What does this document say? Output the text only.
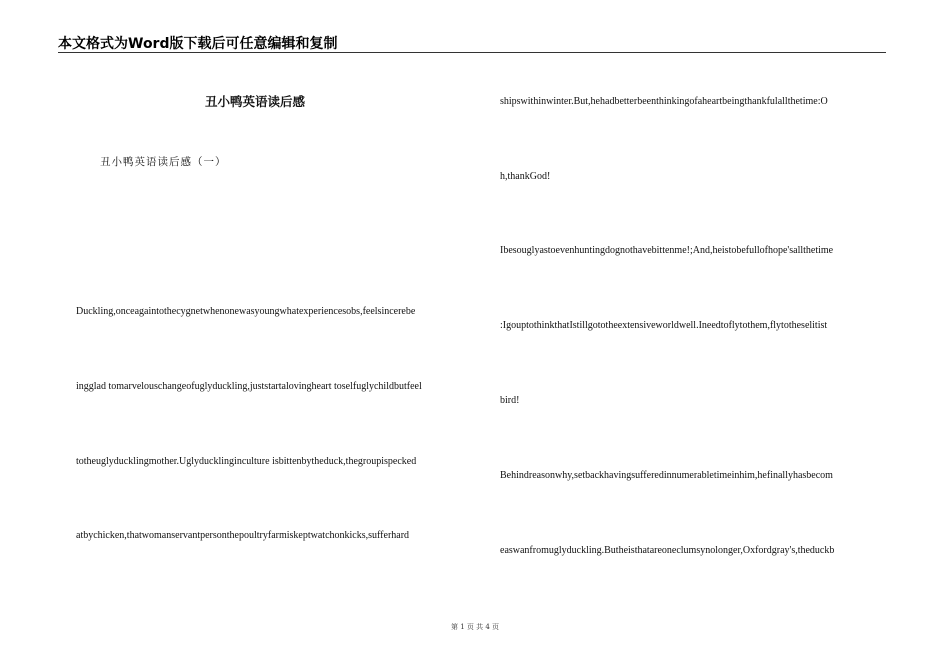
本文格式为Word版下载后可任意编辑和复制
丑小鸭英语读后感
丑小鸭英语读后感（一）
Duckling,onceagaintothecygnetwhenonewasyoungwhatexperiencesobs,feelsincerebe
ingglad tomarvelouschangeofuglyduckling,juststartalovingheart toselfuglychildbutfeel
totheuglyducklingmother.Uglyducklinginculture isbittenbytheduck,thegroupispecked
atbychicken,thatwomanservantpersonthepoultryfarmiskeptwatchonkicks,sufferhard
shipswithinwinter.But,hehadbetterbeenthinkingofaheartbeingthankfulallthetime:O
h,thankGod!
Ibesouglyastoevenhuntingdognothavebittenme!;And,heistobefullofhope'sallthetime
:IgouptothinkthatIstillgototheextensiveworldwell.Ineedtoflytothem,flytotheselitist
bird!
Behindreasonwhy,setbackhavingsufferedinnumerabletimeinhim,hefinallyhasbecom
easwanfromuglyduckling.Butheisthatareoneclumsynolonger,Oxfordgray's,theduckb
第 1 页 共 4 页
